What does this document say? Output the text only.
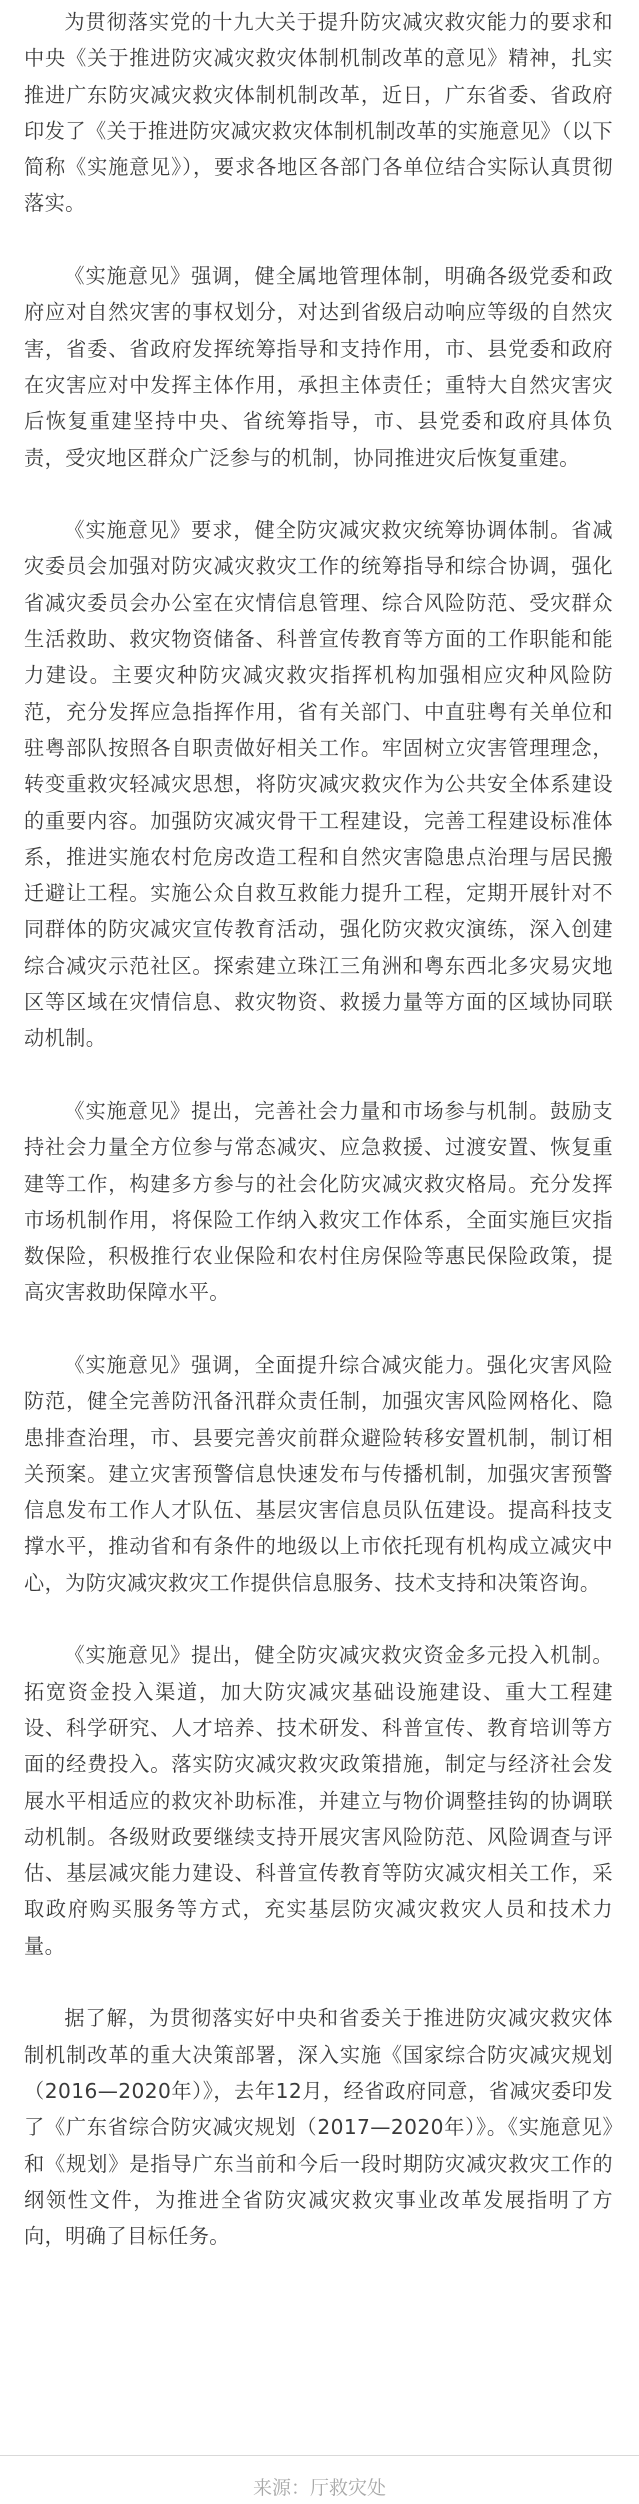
为贯彻落实党的十九大关于提升防灾减灾救灾能力的要求和中央《关于推进防灾减灾救灾体制机制改革的意见》精神，扎实推进广东防灾减灾救灾体制机制改革，近日，广东省委、省政府印发了《关于推进防灾减灾救灾体制机制改革的实施意见》（以下简称《实施意见》），要求各地区各部门各单位结合实际认真贯彻落实。

《实施意见》强调，健全属地管理体制，明确各级党委和政府应对自然灾害的事权划分，对达到省级启动响应等级的自然灾害，省委、省政府发挥统筹指导和支持作用，市、县党委和政府在灾害应对中发挥主体作用，承担主体责任；重特大自然灾害灾后恢复重建坚持中央、省统筹指导，市、县党委和政府具体负责，受灾地区群众广泛参与的机制，协同推进灾后恢复重建。

《实施意见》要求，健全防灾减灾救灾统筹协调体制。省减灾委员会加强对防灾减灾救灾工作的统筹指导和综合协调，强化省减灾委员会办公室在灾情信息管理、综合风险防范、受灾群众生活救助、救灾物资储备、科普宣传教育等方面的工作职能和能力建设。主要灾种防灾减灾救灾指挥机构加强相应灾种风险防范，充分发挥应急指挥作用，省有关部门、中直驻粤有关单位和驻粤部队按照各自职责做好相关工作。牢固树立灾害管理理念，转变重救灾轻减灾思想，将防灾减灾救灾作为公共安全体系建设的重要内容。加强防灾减灾骨干工程建设，完善工程建设标准体系，推进实施农村危房改造工程和自然灾害隐患点治理与居民搬迁避让工程。实施公众自救互救能力提升工程，定期开展针对不同群体的防灾减灾宣传教育活动，强化防灾救灾演练，深入创建综合减灾示范社区。探索建立珠江三角洲和粤东西北多灾易灾地区等区域在灾情信息、救灾物资、救援力量等方面的区域协同联动机制。

《实施意见》提出，完善社会力量和市场参与机制。鼓励支持社会力量全方位参与常态减灾、应急救援、过渡安置、恢复重建等工作，构建多方参与的社会化防灾减灾救灾格局。充分发挥市场机制作用，将保险工作纳入救灾工作体系，全面实施巨灾指数保险，积极推行农业保险和农村住房保险等惠民保险政策，提高灾害救助保障水平。

《实施意见》强调，全面提升综合减灾能力。强化灾害风险防范，健全完善防汛备汛群众责任制，加强灾害风险网格化、隐患排查治理，市、县要完善灾前群众避险转移安置机制，制订相关预案。建立灾害预警信息快速发布与传播机制，加强灾害预警信息发布工作人才队伍、基层灾害信息员队伍建设。提高科技支撑水平，推动省和有条件的地级以上市依托现有机构成立减灾中心，为防灾减灾救灾工作提供信息服务、技术支持和决策咨询。

《实施意见》提出，健全防灾减灾救灾资金多元投入机制。拓宽资金投入渠道，加大防灾减灾基础设施建设、重大工程建设、科学研究、人才培养、技术研发、科普宣传、教育培训等方面的经费投入。落实防灾减灾救灾政策措施，制定与经济社会发展水平相适应的救灾补助标准，并建立与物价调整挂钩的协调联动机制。各级财政要继续支持开展灾害风险防范、风险调查与评估、基层减灾能力建设、科普宣传教育等防灾减灾相关工作，采取政府购买服务等方式，充实基层防灾减灾救灾人员和技术力量。

据了解，为贯彻落实好中央和省委关于推进防灾减灾救灾体制机制改革的重大决策部署，深入实施《国家综合防灾减灾规划（2016—2020年）》，去年12月，经省政府同意，省减灾委印发了《广东省综合防灾减灾规划（2017—2020年）》。《实施意见》和《规划》是指导广东当前和今后一段时期防灾减灾救灾工作的纲领性文件，为推进全省防灾减灾救灾事业改革发展指明了方向，明确了目标任务。

来源：厅救灾处
